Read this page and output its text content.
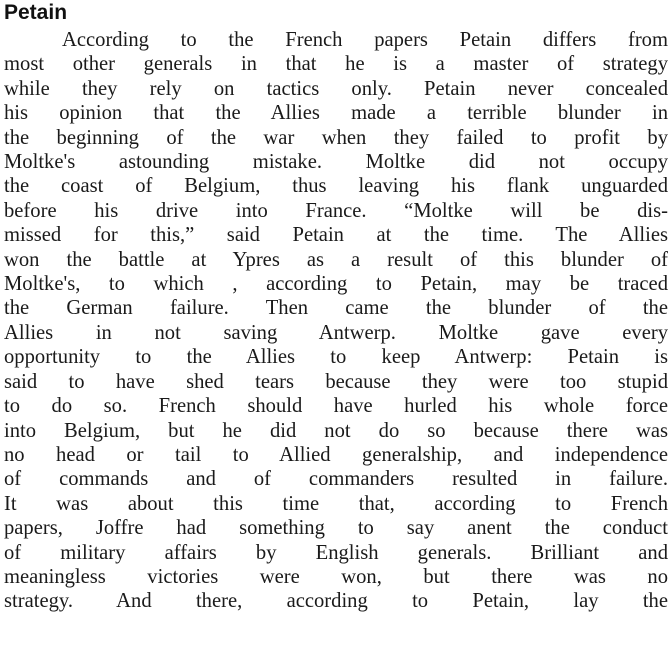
Petain
According to the French papers Petain differs from
most other generals in that he is a master of strategy
while they rely on tactics only. Petain never concealed
his opinion that the Allies made a terrible blunder in
the beginning of the war when they failed to profit by
Moltke's astounding mistake. Moltke did not occupy
the coast of Belgium, thus leaving his flank unguarded
before his drive into France. “Moltke will be dis-
missed for this,” said Petain at the time. The Allies
won the battle at Ypres as a result of this blunder of
Moltke's, to which , according to Petain, may be traced
the German failure. Then came the blunder of the
Allies in not saving Antwerp. Moltke gave every
opportunity to the Allies to keep Antwerp: Petain is
said to have shed tears because they were too stupid
to do so. French should have hurled his whole force
into Belgium, but he did not do so because there was
no head or tail to Allied generalship, and independence
of commands and of commanders resulted in failure.
It was about this time that, according to French
papers, Joffre had something to say anent the conduct
of military affairs by English generals. Brilliant and
meaningless victories were won, but there was no
strategy. And there, according to Petain, lay the
